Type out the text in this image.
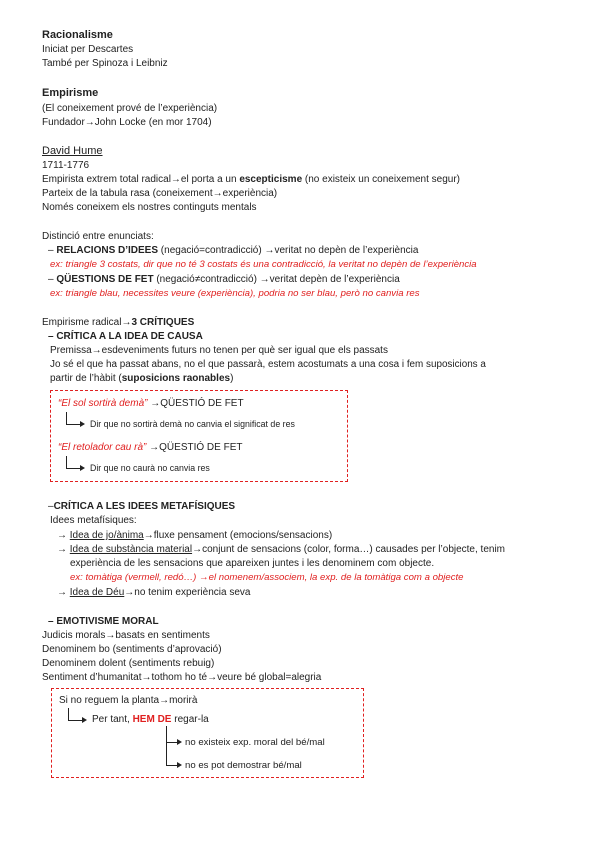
Racionalisme
Iniciat per Descartes
També per Spinoza i Leibniz
Empirisme
(El coneixement prové de l’experiència)
Fundador→John Locke (en mor 1704)
David Hume
1711-1776
Empirista extrem total radical→el porta a un escepticisme (no existeix un coneixement segur)
Parteix de la tabula rasa (coneixement→experiència)
Només coneixem els nostres continguts mentals
Distinció entre enunciats:
– RELACIONS D’IDEES (negació=contradicció) →veritat no depèn de l’experiència
ex: triangle 3 costats, dir que no té 3 costats és una contradicció, la veritat no depèn de l’experiència
– QÜESTIONS DE FET (negació≠contradicció) →veritat depèn de l’experiència
ex: triangle blau, necessites veure (experiència), podria no ser blau, però no canvia res
Empirisme radical→3 CRÍTIQUES
– CRÍTICA A LA IDEA DE CAUSA
Premissa→esdeveniments futurs no tenen per què ser igual que els passats
Jo sé el que ha passat abans, no el que passarà, estem acostumats a una cosa i fem suposicions a
partir de l’hàbit (suposicions raonables)
“El sol sortirà demà” →QÜESTIÓ DE FET
Dir que no sortirà demà no canvia el significat de res
“El retolador cau rà” →QÜESTIÓ DE FET
Dir que no caurà no canvia res
–CRÍTICA A LES IDEES METAFÍSIQUES
Idees metafísiques:
→ Idea de jo/ànima→fluxe pensament (emocions/sensacions)
→ Idea de substància material→conjunt de sensacions (color, forma…) causades per l’objecte, tenim
experiència de les sensacions que apareixen juntes i les denominem com objecte.
ex: tomàtiga (vermell, redó…) →el nomenem/associem, la exp. de la tomàtiga com a objecte
→ Idea de Déu→no tenim experiència seva
– EMOTIVISME MORAL
Judicis morals→basats en sentiments
Denominem bo (sentiments d’aprovació)
Denominem dolent (sentiments rebuig)
Sentiment d’humanitat→tothom ho té→veure bé global=alegria
Si no reguem la planta→morirà
Per tant, HEM DE regar-la
no existeix exp. moral del bé/mal
no es pot demostrar bé/mal
